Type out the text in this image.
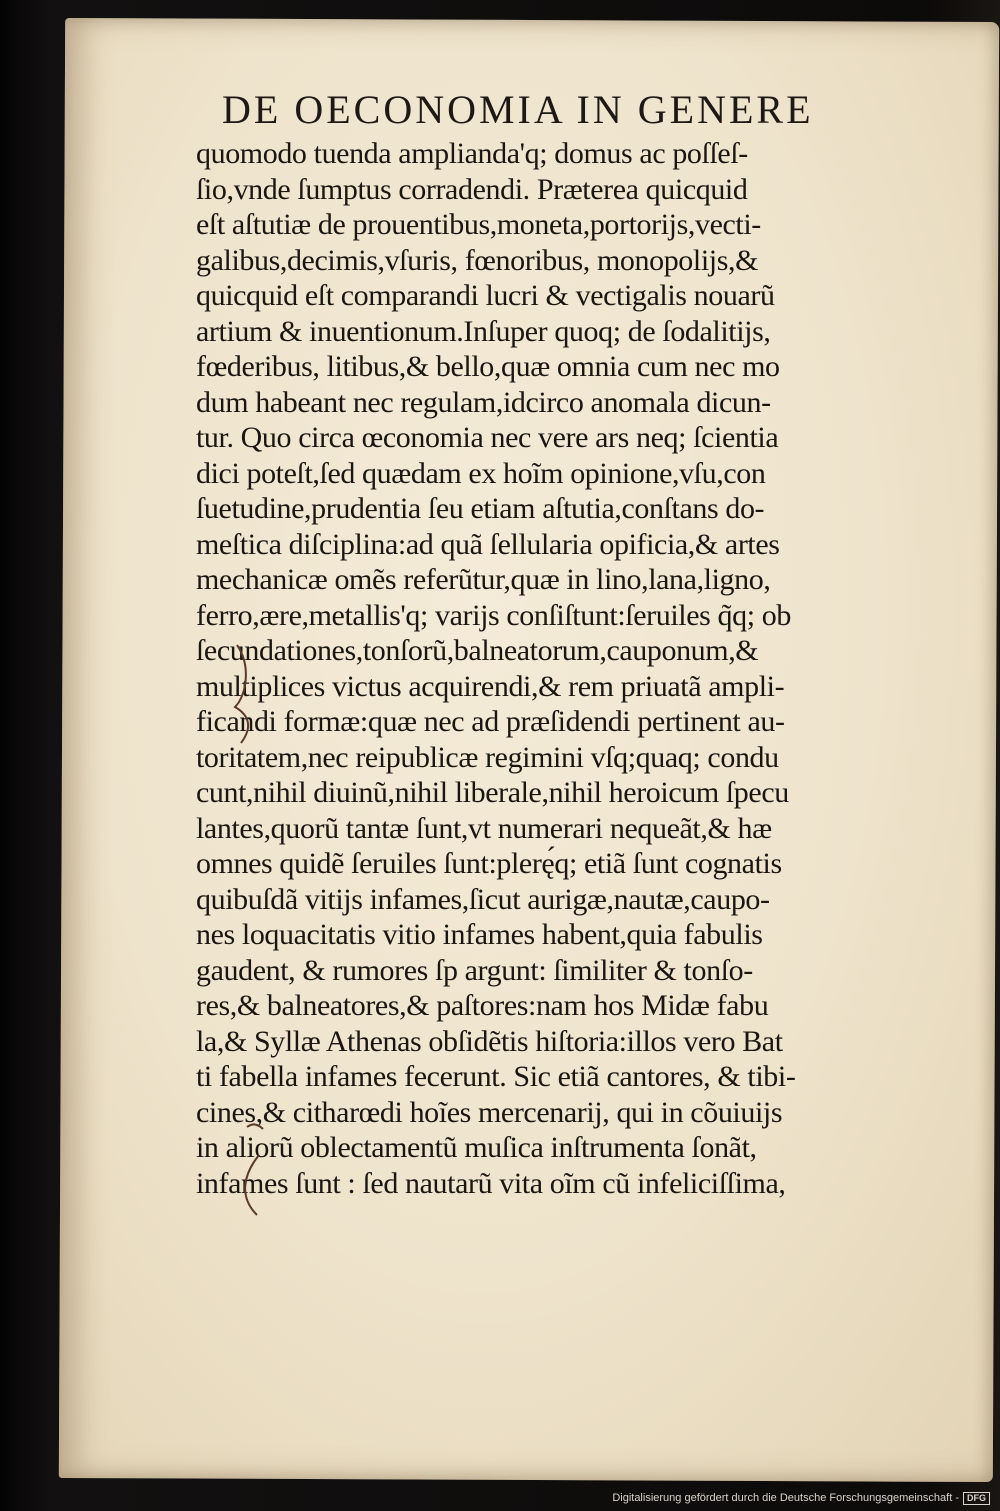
DE OECONOMIA IN GENERE
quomodo tuenda amplianda'q; domus ac poſſeſ-
ſio,vnde ſumptus corradendi. Præterea quicquid
eſt aſtutiæ de prouentibus,moneta,portorijs,vecti-
galibus,decimis,vſuris, fœnoribus, monopolijs,&
quicquid eſt comparandi lucri & vectigalis nouarũ
artium & inuentionum.Inſuper quoq; de ſodalitijs,
fœderibus, litibus,& bello,quæ omnia cum nec mo
dum habeant nec regulam,idcirco anomala dicun-
tur. Quo circa œconomia nec vere ars neq; ſcientia
dici poteſt,ſed quædam ex hoĩm opinione,vſu,con
ſuetudine,prudentia ſeu etiam aſtutia,conſtans do-
meſtica diſciplina:ad quã ſellularia opificia,& artes
mechanicæ omẽs referũtur,quæ in lino,lana,ligno,
ferro,ære,metallis'q; varijs conſiſtunt:ſeruiles q̃q; ob
ſecundationes,tonſorũ,balneatorum,cauponum,&
multiplices victus acquirendi,& rem priuatã ampli-
ficandi formæ:quæ nec ad præſidendi pertinent au-
toritatem,nec reipublicæ regimini vſq;quaq; condu
cunt,nihil diuinũ,nihil liberale,nihil heroicum ſpecu
lantes,quorũ tantæ ſunt,vt numerari nequeãt,& hæ
omnes quidẽ ſeruiles ſunt:plerę́q; etiã ſunt cognatis
quibuſdã vitijs infames,ſicut aurigæ,nautæ,caupo-
nes loquacitatis vitio infames habent,quia fabulis
gaudent, & rumores ſp argunt: ſimiliter & tonſo-
res,& balneatores,& paſtores:nam hos Midæ fabu
la,& Syllæ Athenas obſidẽtis hiſtoria:illos vero Bat
ti fabella infames fecerunt. Sic etiã cantores, & tibi-
cines,& citharœdi hoĩes mercenarij, qui in cõuiuijs
in aliorũ oblectamentũ muſica inſtrumenta ſonãt,
infames ſunt : ſed nautarũ vita oĩm cũ infeliciſſima,
Digitalisierung gefördert durch die Deutsche Forschungsgemeinschaft - DFG
